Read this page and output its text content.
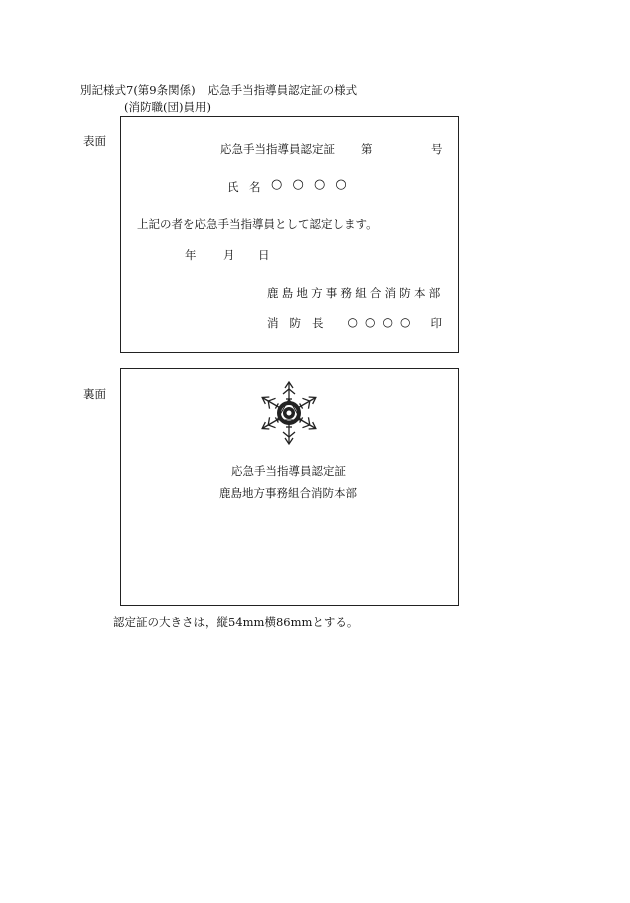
別記様式7(第9条関係) 応急手当指導員認定証の様式
(消防職(団)員用)
表面
応急手当指導員認定証 第	号
氏 名 ○ ○ ○ ○
上記の者を応急手当指導員として認定します。
年 月 日
鹿島地方事務組合消防本部
消防長 ○○○○ 印
裏面
応急手当指導員認定証
鹿島地方事務組合消防本部
認定証の大きさは，縦54mm横86mmとする。
